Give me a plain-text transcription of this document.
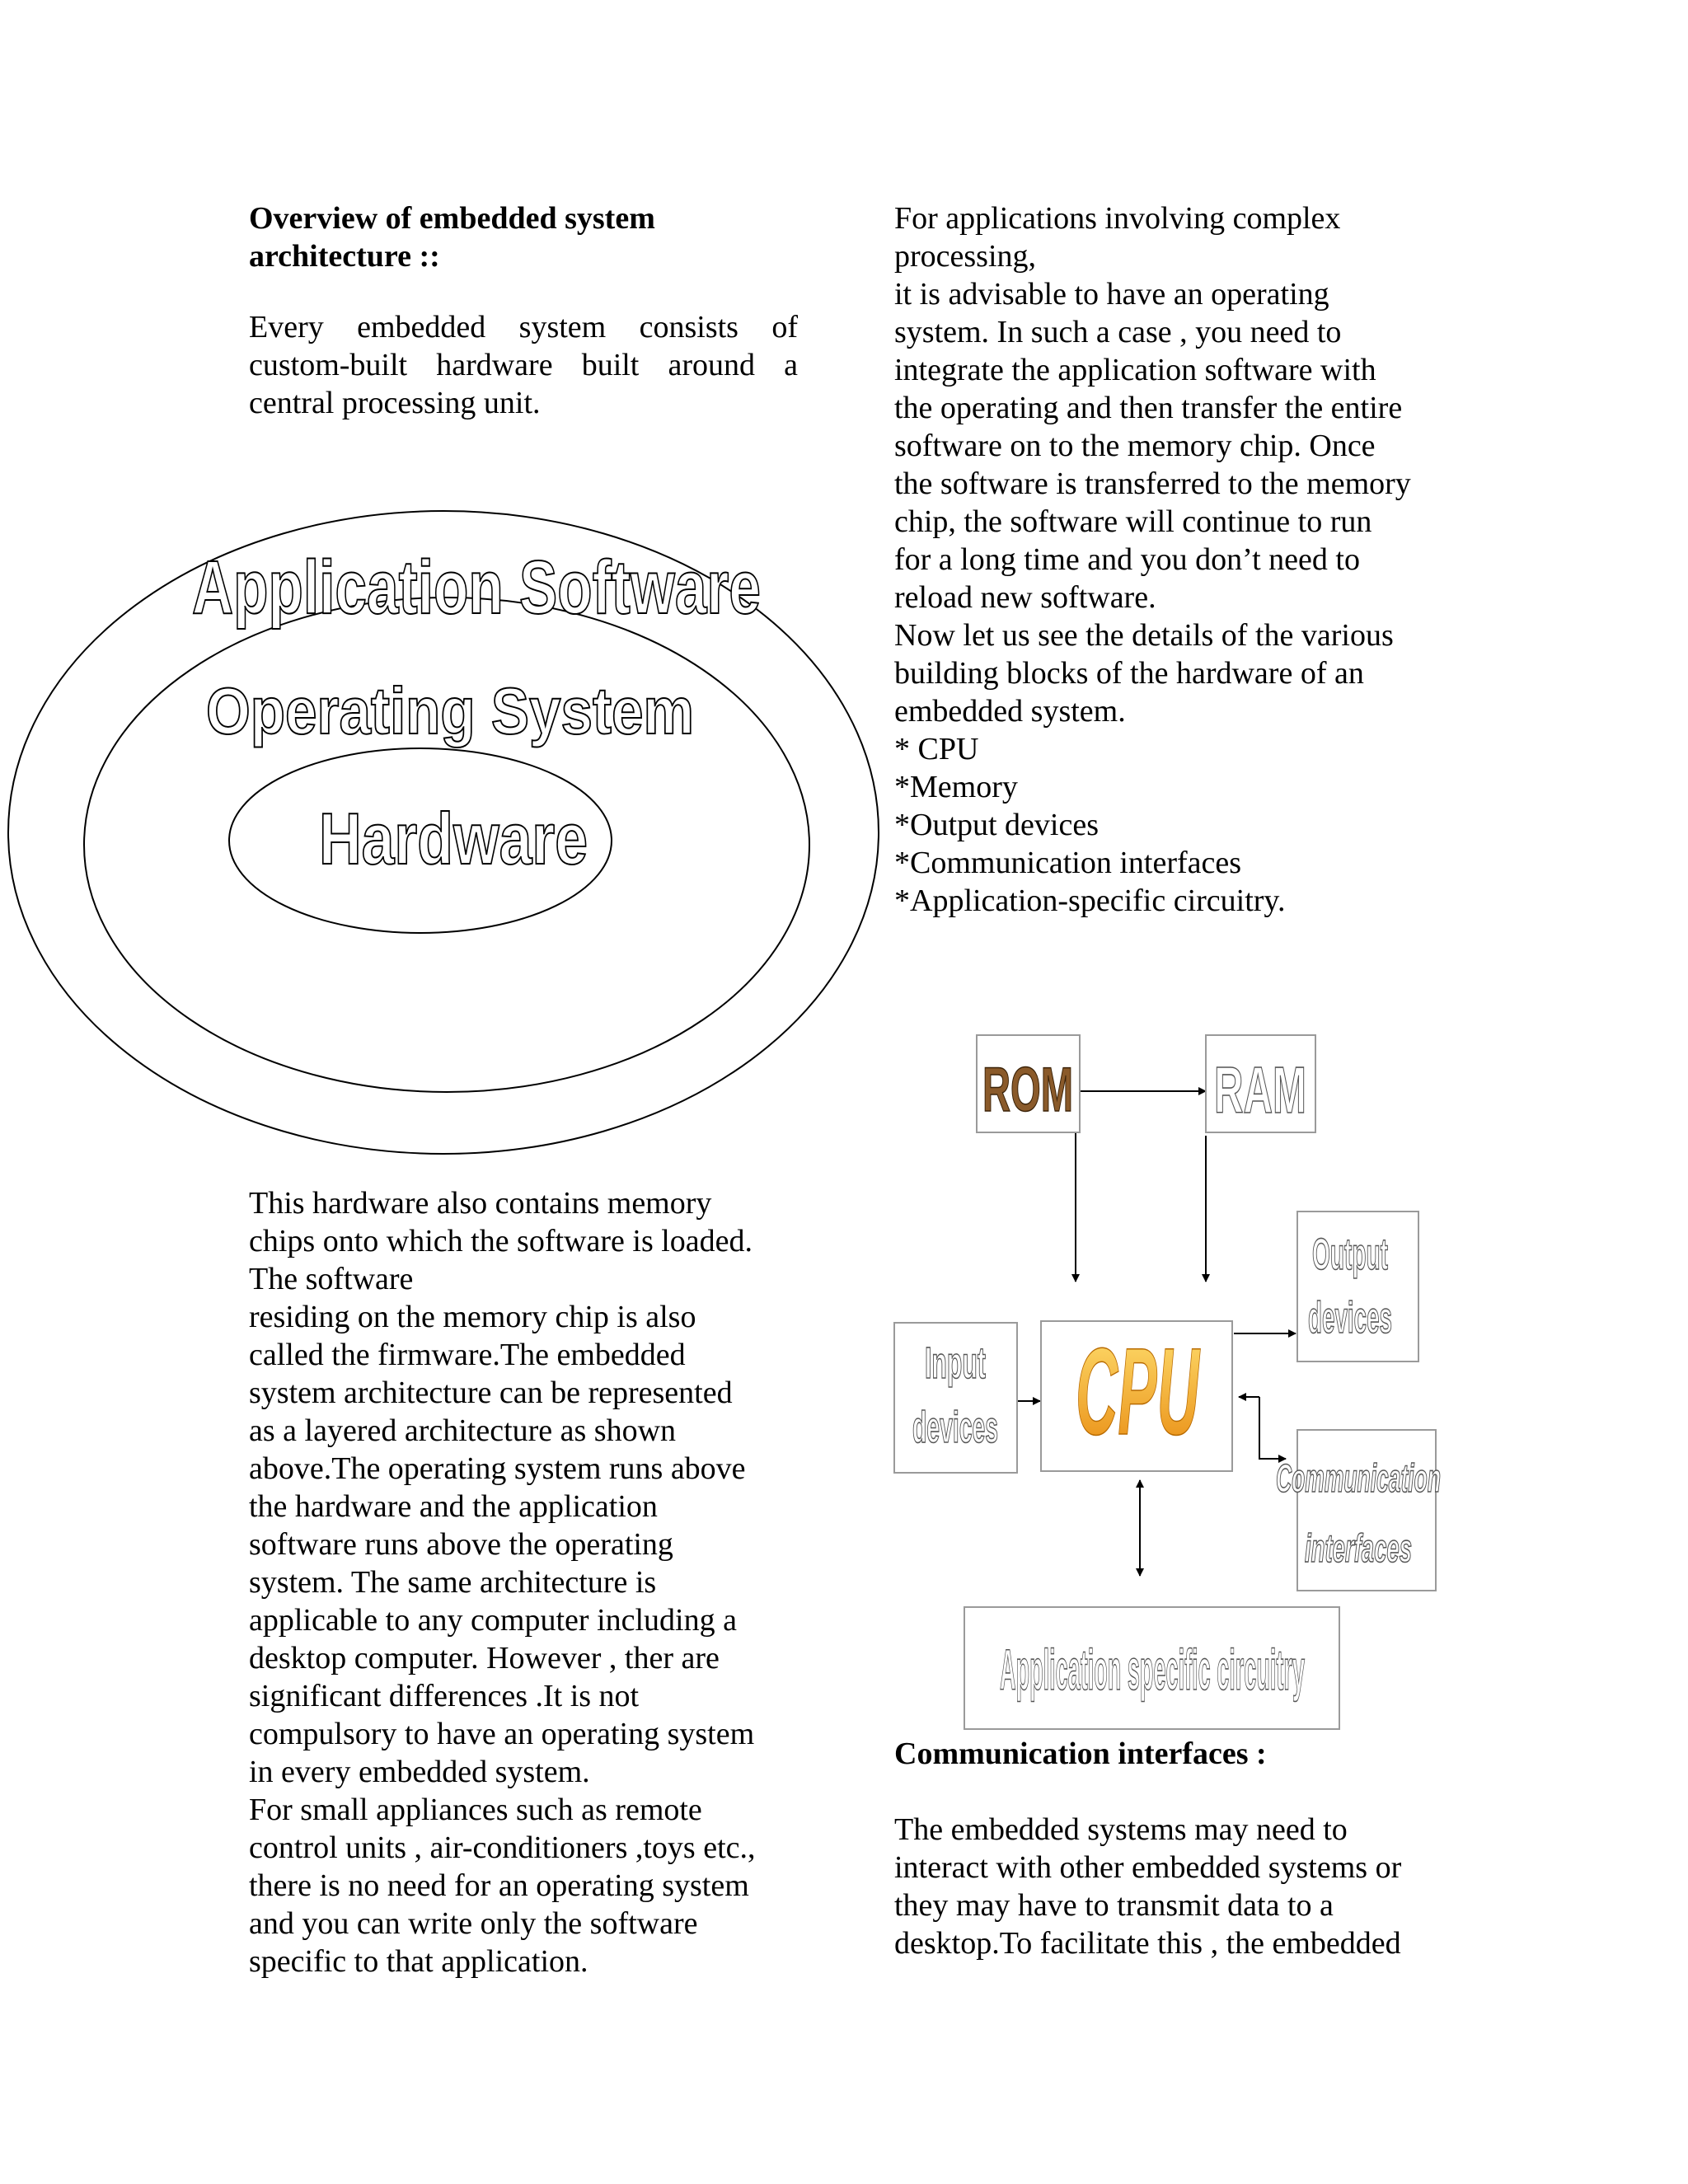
Overview of embedded system
architecture ::
Every embedded system consists of custom-built hardware built around a central processing unit.
Application Software
Operating System
Hardware
This hardware also contains memory
chips onto which the software is loaded.
The software
residing on the memory chip is also
called the firmware.The embedded
system architecture can be represented
as a layered architecture as shown
above.The operating system runs above
the hardware and the application
software runs above the operating
system. The same architecture is
applicable to any computer including a
desktop computer. However , ther are
significant differences .It is not
compulsory to have an operating system
in every embedded system.
For small appliances such as remote
control units , air-conditioners ,toys etc.,
there is no need for an operating system
and you can write only the software
specific to that application.
For applications involving complex
processing,
it is advisable to have an operating
system. In such a case , you need to
integrate the application software with
the operating and then transfer the entire
software on to the memory chip. Once
the software is transferred to the memory
chip, the software will continue to run
for a long time and you don’t need to
reload new software.
Now let us see the details of the various
building blocks of the hardware of an
embedded system.
* CPU
*Memory
*Output devices
*Communication interfaces
*Application-specific circuitry.
ROM RAM
Output
devices
Input
devices CPU
Communication
interfaces
Application specific circuitry
Communication interfaces :
The embedded systems may need to
interact with other embedded systems or
they may have to transmit data to a
desktop.To facilitate this , the embedded
